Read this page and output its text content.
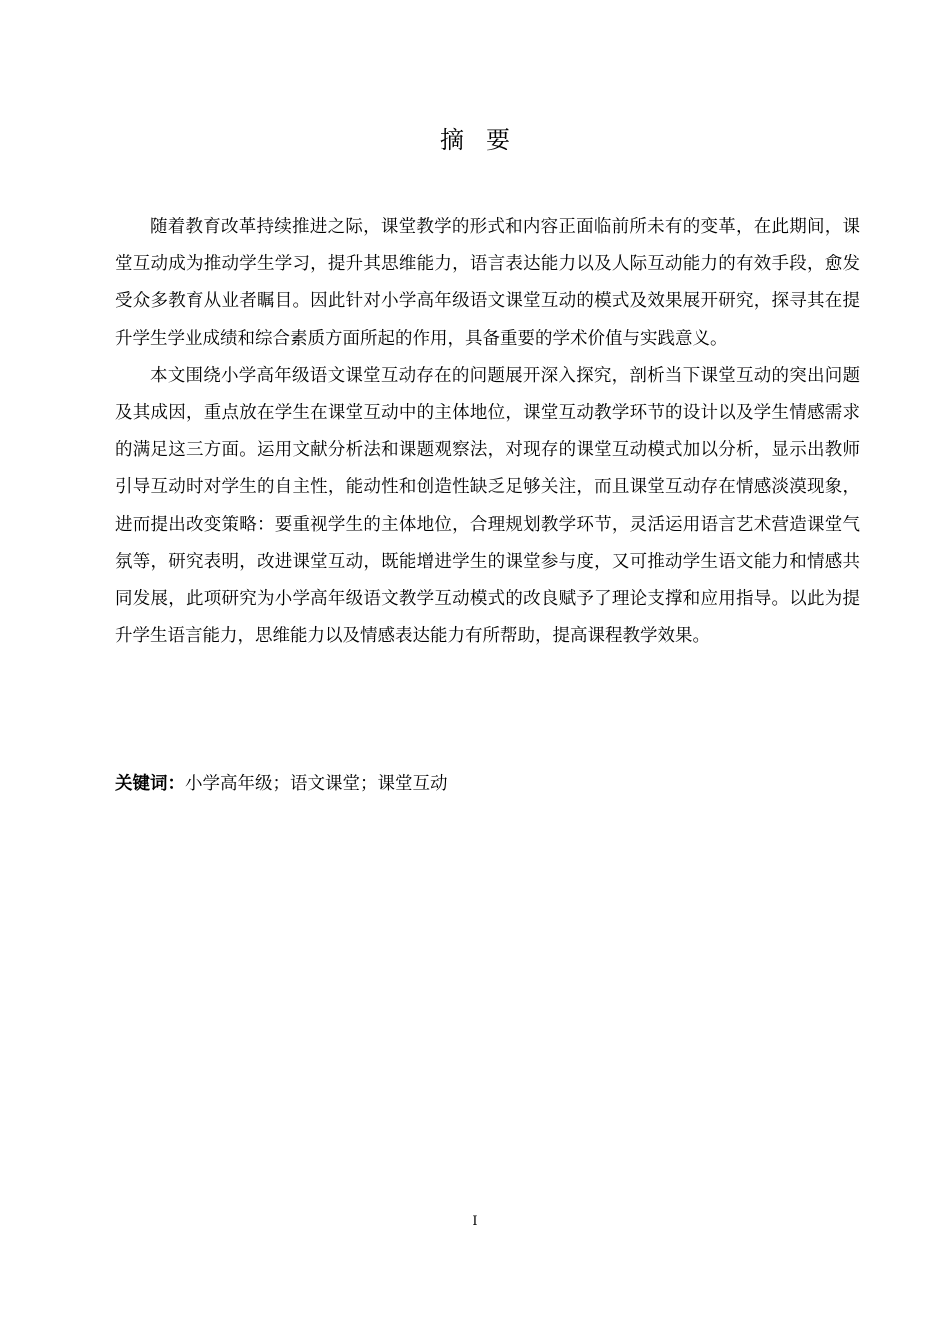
摘要

随着教育改革持续推进之际，课堂教学的形式和内容正面临前所未有的变革，在此期间，课堂互动成为推动学生学习，提升其思维能力，语言表达能力以及人际互动能力的有效手段，愈发受众多教育从业者瞩目。因此针对小学高年级语文课堂互动的模式及效果展开研究，探寻其在提升学生学业成绩和综合素质方面所起的作用，具备重要的学术价值与实践意义。

本文围绕小学高年级语文课堂互动存在的问题展开深入探究，剖析当下课堂互动的突出问题及其成因，重点放在学生在课堂互动中的主体地位，课堂互动教学环节的设计以及学生情感需求的满足这三方面。运用文献分析法和课题观察法，对现存的课堂互动模式加以分析，显示出教师引导互动时对学生的自主性，能动性和创造性缺乏足够关注，而且课堂互动存在情感淡漠现象，进而提出改变策略：要重视学生的主体地位，合理规划教学环节，灵活运用语言艺术营造课堂气氛等，研究表明，改进课堂互动，既能增进学生的课堂参与度，又可推动学生语文能力和情感共同发展，此项研究为小学高年级语文教学互动模式的改良赋予了理论支撑和应用指导。以此为提升学生语言能力，思维能力以及情感表达能力有所帮助，提高课程教学效果。

关键词：小学高年级；语文课堂；课堂互动
I
